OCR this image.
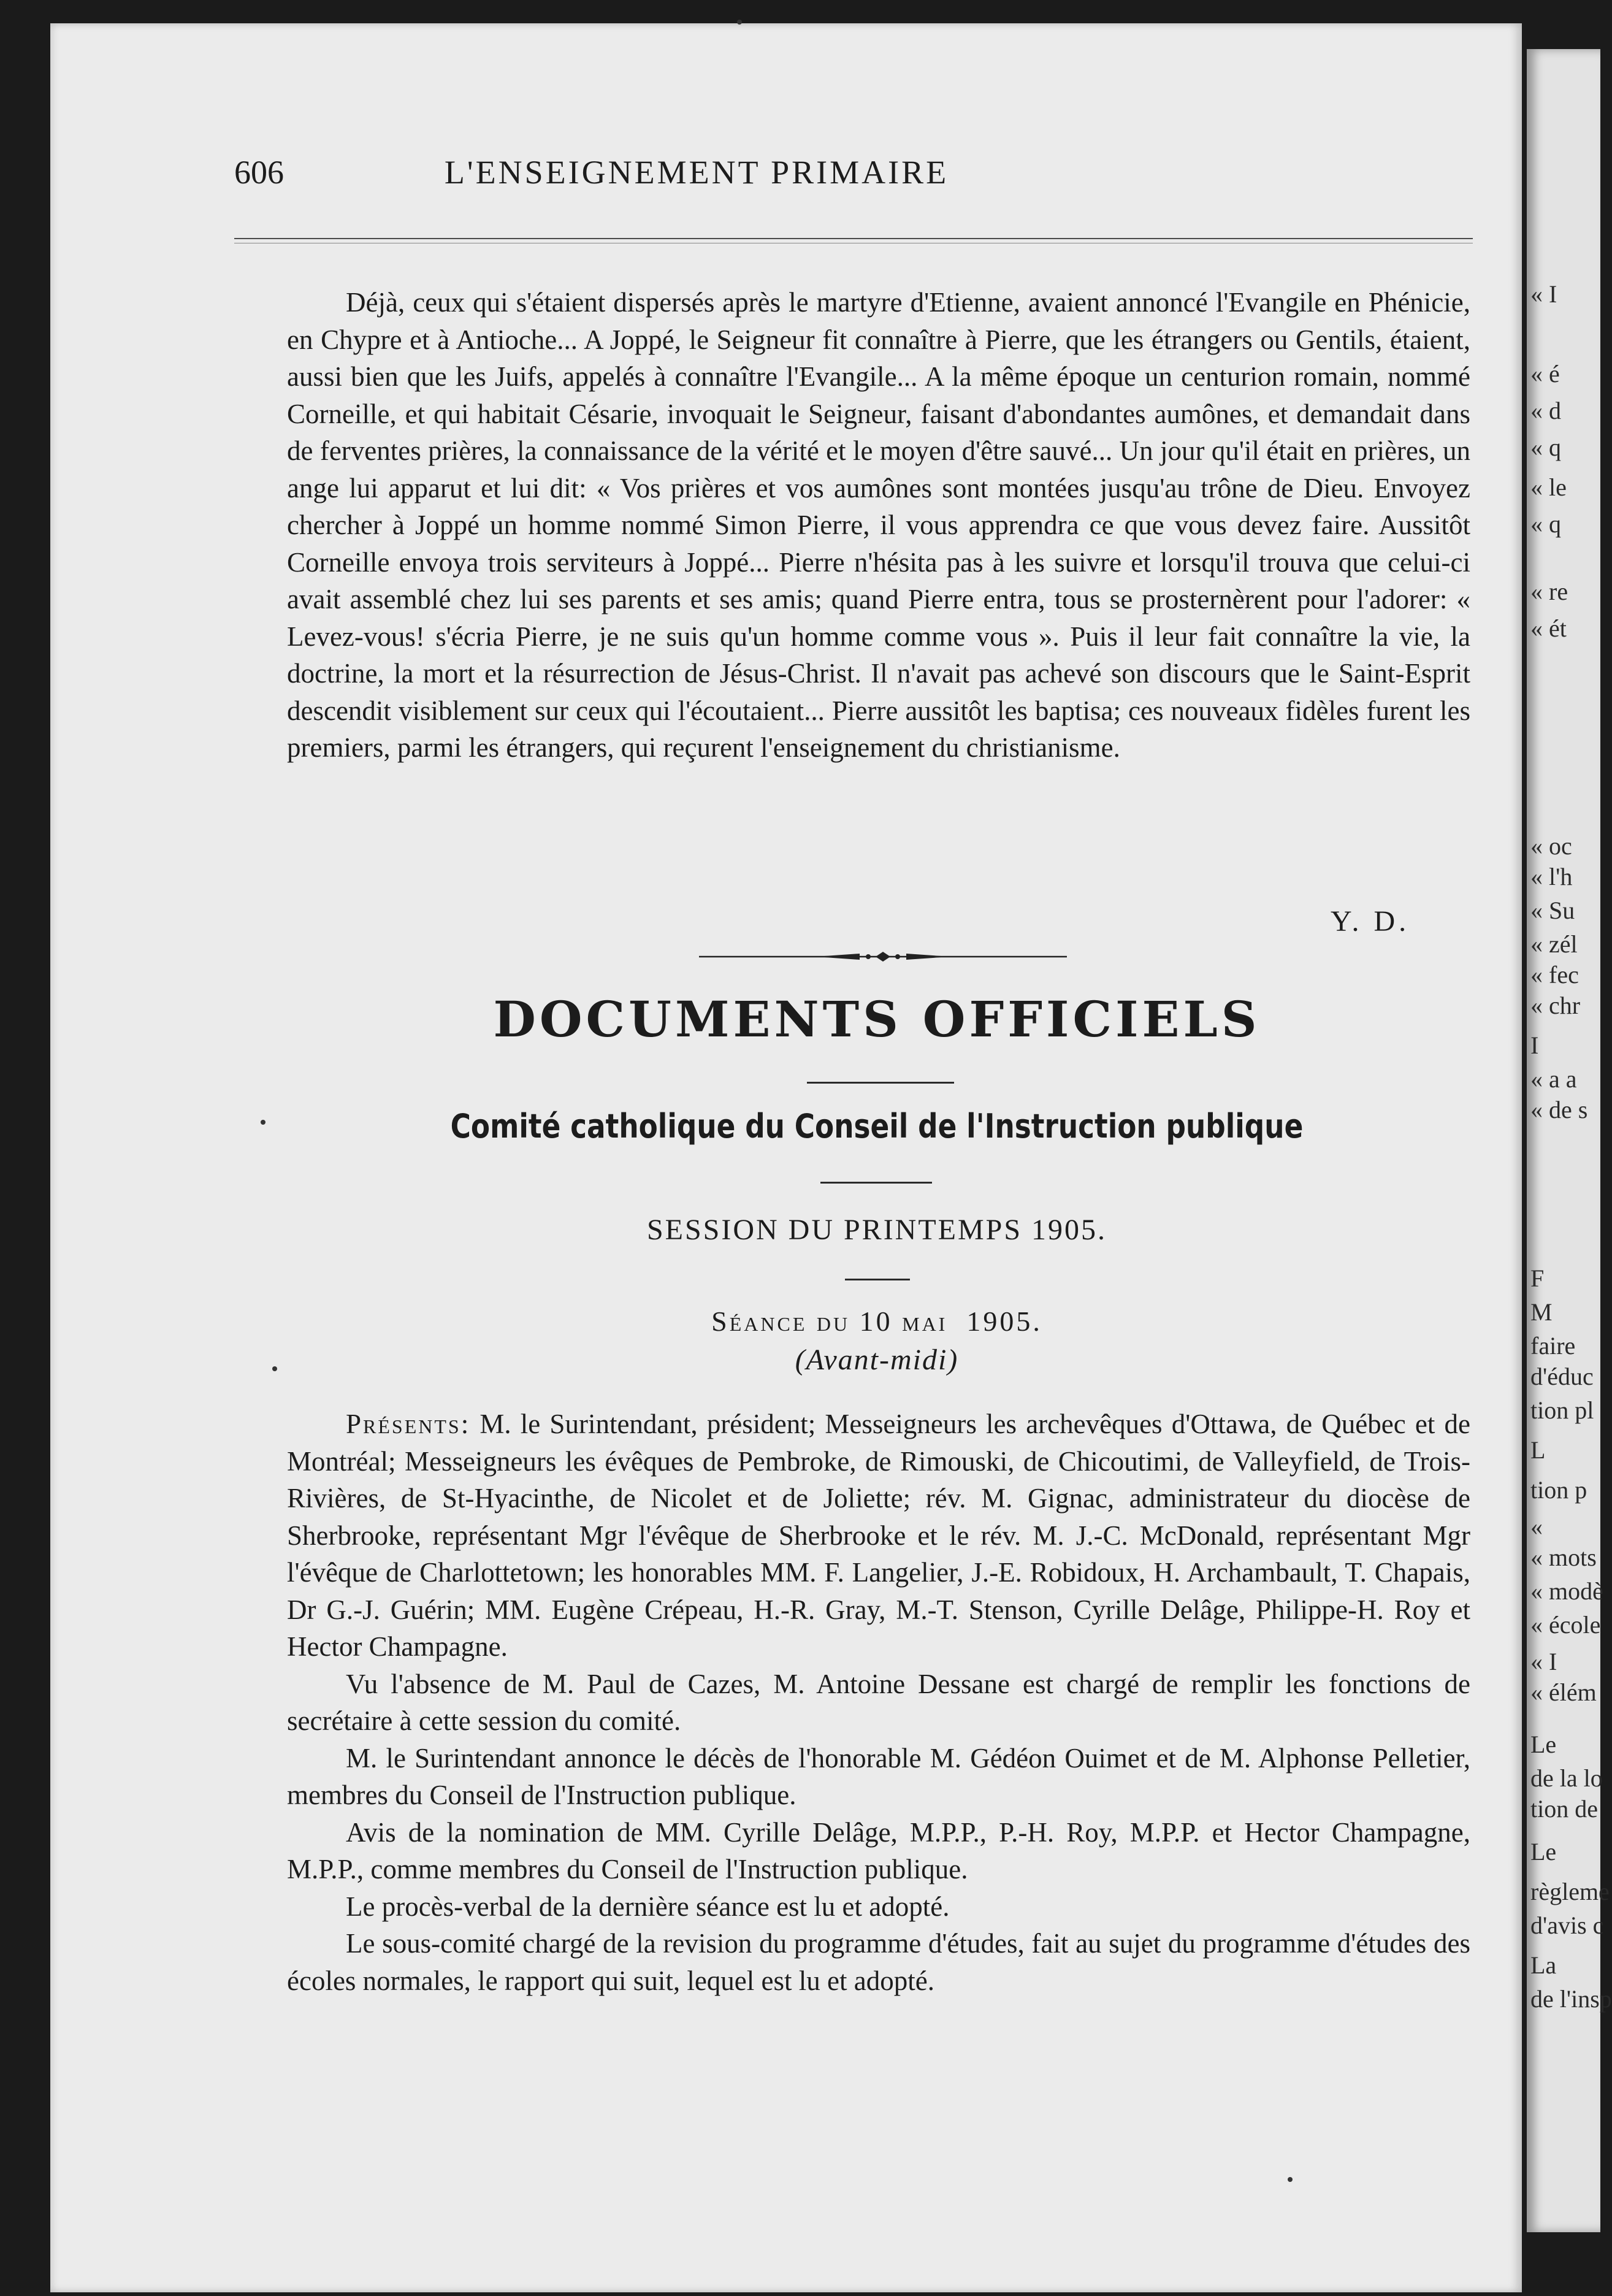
« I
« é
« d
« q
« le
« q
« re
« ét
« oc
« l'h
« Su
« zél
« fec
« chr
I
« a a
« de s
F
M
faire
d'éduc
tion pl
L
tion p
«
« mots
« modè
« école
« I
« élém
Le
de la lo
tion de
Le
règleme
d'avis c
La
de l'insp
606	L'ENSEIGNEMENT PRIMAIRE

Déjà, ceux qui s'étaient dispersés après le martyre d'Etienne, avaient annoncé l'Evangile en Phénicie, en Chypre et à Antioche... A Joppé, le Seigneur fit connaître à Pierre, que les étrangers ou Gentils, étaient, aussi bien que les Juifs, appelés à connaître l'Evangile... A la même époque un centurion romain, nommé Corneille, et qui habitait Césarie, invoquait le Seigneur, faisant d'abondantes aumônes, et demandait dans de ferventes prières, la connaissance de la vérité et le moyen d'être sauvé... Un jour qu'il était en prières, un ange lui apparut et lui dit: « Vos prières et vos aumônes sont montées jusqu'au trône de Dieu. Envoyez chercher à Joppé un homme nommé Simon Pierre, il vous apprendra ce que vous devez faire. Aussitôt Corneille envoya trois serviteurs à Joppé... Pierre n'hésita pas à les suivre et lorsqu'il trouva que celui-ci avait assemblé chez lui ses parents et ses amis; quand Pierre entra, tous se prosternèrent pour l'adorer: « Levez-vous! s'écria Pierre, je ne suis qu'un homme comme vous ». Puis il leur fait connaître la vie, la doctrine, la mort et la résurrection de Jésus-Christ. Il n'avait pas achevé son discours que le Saint-Esprit descendit visiblement sur ceux qui l'écoutaient... Pierre aussitôt les baptisa; ces nouveaux fidèles furent les premiers, parmi les étrangers, qui reçurent l'enseignement du christianisme.

Y. D.
DOCUMENTS OFFICIELS
Comité catholique du Conseil de l'Instruction publique
SESSION DU PRINTEMPS 1905.
Séance du 10 mai 1905.
(Avant-midi)

Présents: M. le Surintendant, président; Messeigneurs les archevêques d'Ottawa, de Québec et de Montréal; Messeigneurs les évêques de Pembroke, de Rimouski, de Chicoutimi, de Valleyfield, de Trois-Rivières, de St-Hyacinthe, de Nicolet et de Joliette; rév. M. Gignac, administrateur du diocèse de Sherbrooke, représentant Mgr l'évêque de Sherbrooke et le rév. M. J.-C. McDonald, représentant Mgr l'évêque de Charlottetown; les honorables MM. F. Langelier, J.-E. Robidoux, H. Archambault, T. Chapais, Dr G.-J. Guérin; MM. Eugène Crépeau, H.-R. Gray, M.-T. Stenson, Cyrille Delâge, Philippe-H. Roy et Hector Champagne.

Vu l'absence de M. Paul de Cazes, M. Antoine Dessane est chargé de remplir les fonctions de secrétaire à cette session du comité.

M. le Surintendant annonce le décès de l'honorable M. Gédéon Ouimet et de M. Alphonse Pelletier, membres du Conseil de l'Instruction publique.

Avis de la nomination de MM. Cyrille Delâge, M.P.P., P.-H. Roy, M.P.P. et Hector Champagne, M.P.P., comme membres du Conseil de l'Instruction publique.

Le procès-verbal de la dernière séance est lu et adopté.

Le sous-comité chargé de la revision du programme d'études, fait au sujet du programme d'études des écoles normales, le rapport qui suit, lequel est lu et adopté.
